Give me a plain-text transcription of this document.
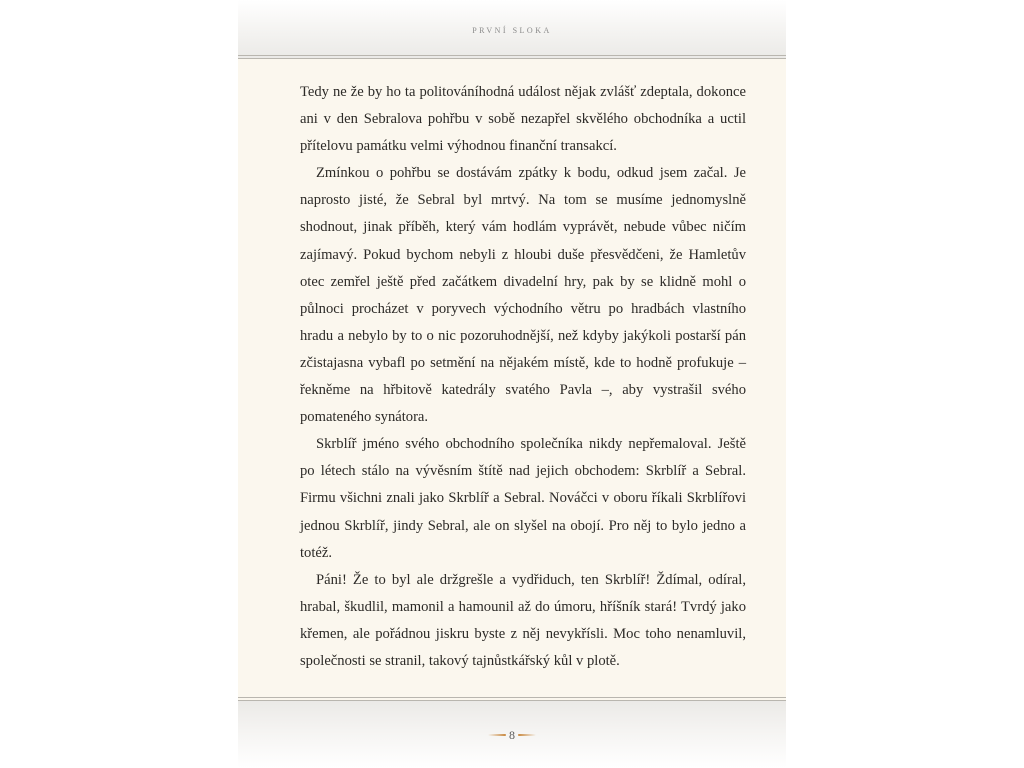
PRVNÍ SLOKA

Tedy ne že by ho ta politováníhodná událost nějak zvlášť zdeptala, dokonce ani v den Sebralova pohřbu v sobě nezapřel skvělého obchodníka a uctil přítelovu památku velmi výhodnou finanční transakcí.

Zmínkou o pohřbu se dostávám zpátky k bodu, odkud jsem začal. Je naprosto jisté, že Sebral byl mrtvý. Na tom se musíme jednomyslně shodnout, jinak příběh, který vám hodlám vyprávět, nebude vůbec ničím zajímavý. Pokud bychom nebyli z hloubi duše přesvědčeni, že Hamletův otec zemřel ještě před začátkem divadelní hry, pak by se klidně mohl o půlnoci procházet v poryvech východního větru po hradbách vlastního hradu a nebylo by to o nic pozoruhodnější, než kdyby jakýkoli postarší pán zčistajasna vybafl po setmění na nějakém místě, kde to hodně profukuje – řekněme na hřbitově katedrály svatého Pavla –, aby vystrašil svého pomateného synátora.

Skrblíř jméno svého obchodního společníka nikdy nepřemaloval. Ještě po létech stálo na vývěsním štítě nad jejich obchodem: Skrblíř a Sebral. Firmu všichni znali jako Skrblíř a Sebral. Nováčci v oboru říkali Skrblířovi jednou Skrblíř, jindy Sebral, ale on slyšel na obojí. Pro něj to bylo jedno a totéž.

Páni! Že to byl ale držgrešle a vydřiduch, ten Skrblíř! Ždímal, odíral, hrabal, škudlil, mamonil a hamounil až do úmoru, hříšník stará! Tvrdý jako křemen, ale pořádnou jiskru byste z něj nevykřísli. Moc toho nenamluvil, společnosti se stranil, takový tajnůstkářský kůl v plotě.

8
